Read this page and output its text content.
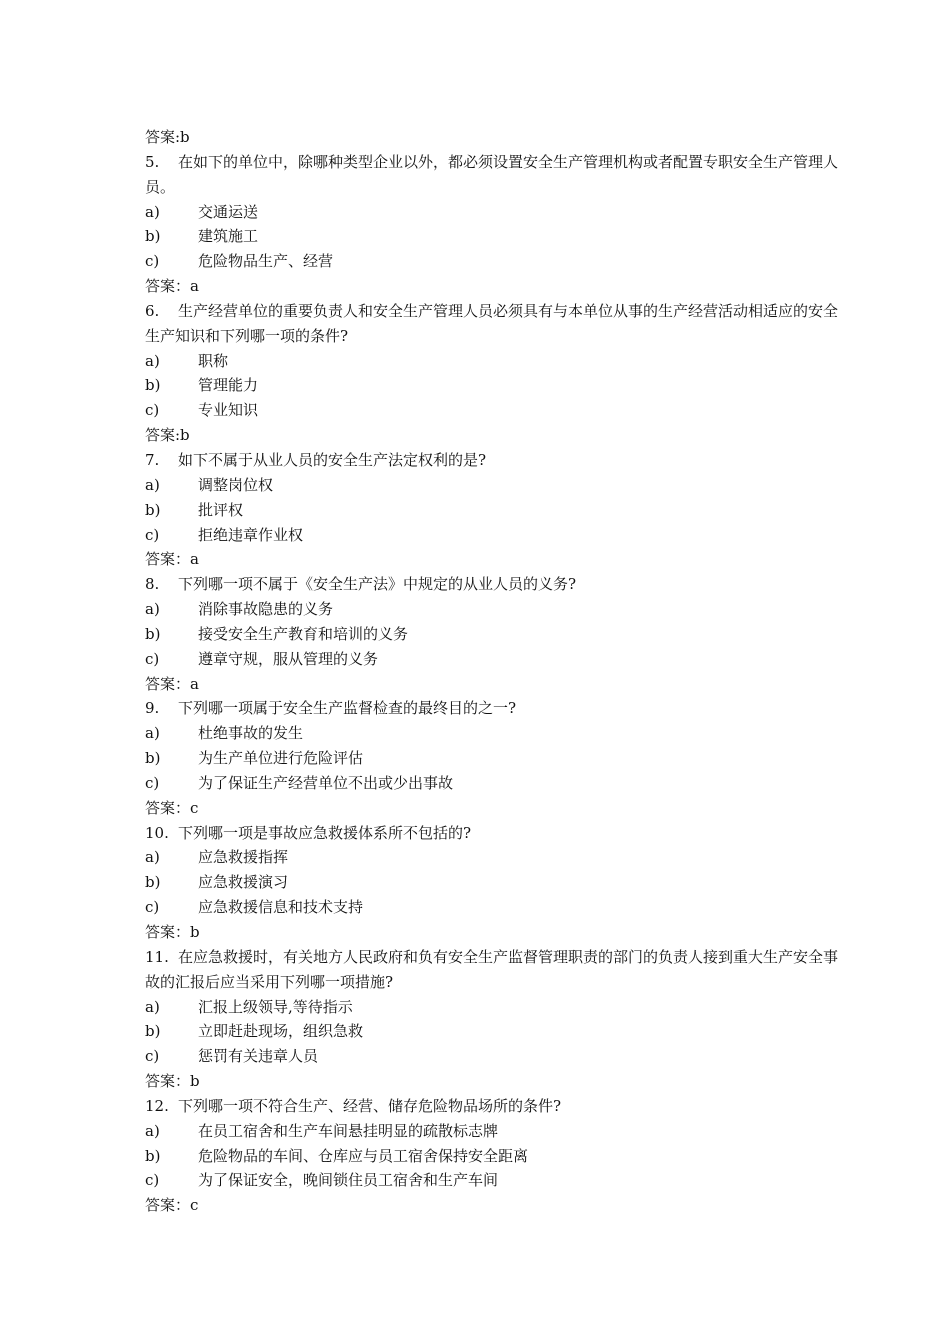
答案:b
5. 在如下的单位中，除哪种类型企业以外，都必须设置安全生产管理机构或者配置专职安全生产管理人员。
a)	交通运送
b)	建筑施工
c)	危险物品生产、经营
答案：a
6. 生产经营单位的重要负责人和安全生产管理人员必须具有与本单位从事的生产经营活动相适应的安全生产知识和下列哪一项的条件?
a)	职称
b)	管理能力
c)	专业知识
答案:b
7. 如下不属于从业人员的安全生产法定权利的是?
a)	调整岗位权
b)	批评权
c)	拒绝违章作业权
答案：a
8. 下列哪一项不属于《安全生产法》中规定的从业人员的义务?
a)	消除事故隐患的义务
b)	接受安全生产教育和培训的义务
c)	遵章守规，服从管理的义务
答案：a
9. 下列哪一项属于安全生产监督检查的最终目的之一?
a)	杜绝事故的发生
b)	为生产单位进行危险评估
c)	为了保证生产经营单位不出或少出事故
答案：c
10. 下列哪一项是事故应急救援体系所不包括的?
a)	应急救援指挥
b)	应急救援演习
c)	应急救援信息和技术支持
答案：b
11. 在应急救援时，有关地方人民政府和负有安全生产监督管理职责的部门的负责人接到重大生产安全事故的汇报后应当采用下列哪一项措施?
a)	汇报上级领导,等待指示
b)	立即赶赴现场，组织急救
c)	惩罚有关违章人员
答案：b
12. 下列哪一项不符合生产、经营、储存危险物品场所的条件?
a)	在员工宿舍和生产车间悬挂明显的疏散标志牌
b)	危险物品的车间、仓库应与员工宿舍保持安全距离
c)	为了保证安全，晚间锁住员工宿舍和生产车间
答案：c
